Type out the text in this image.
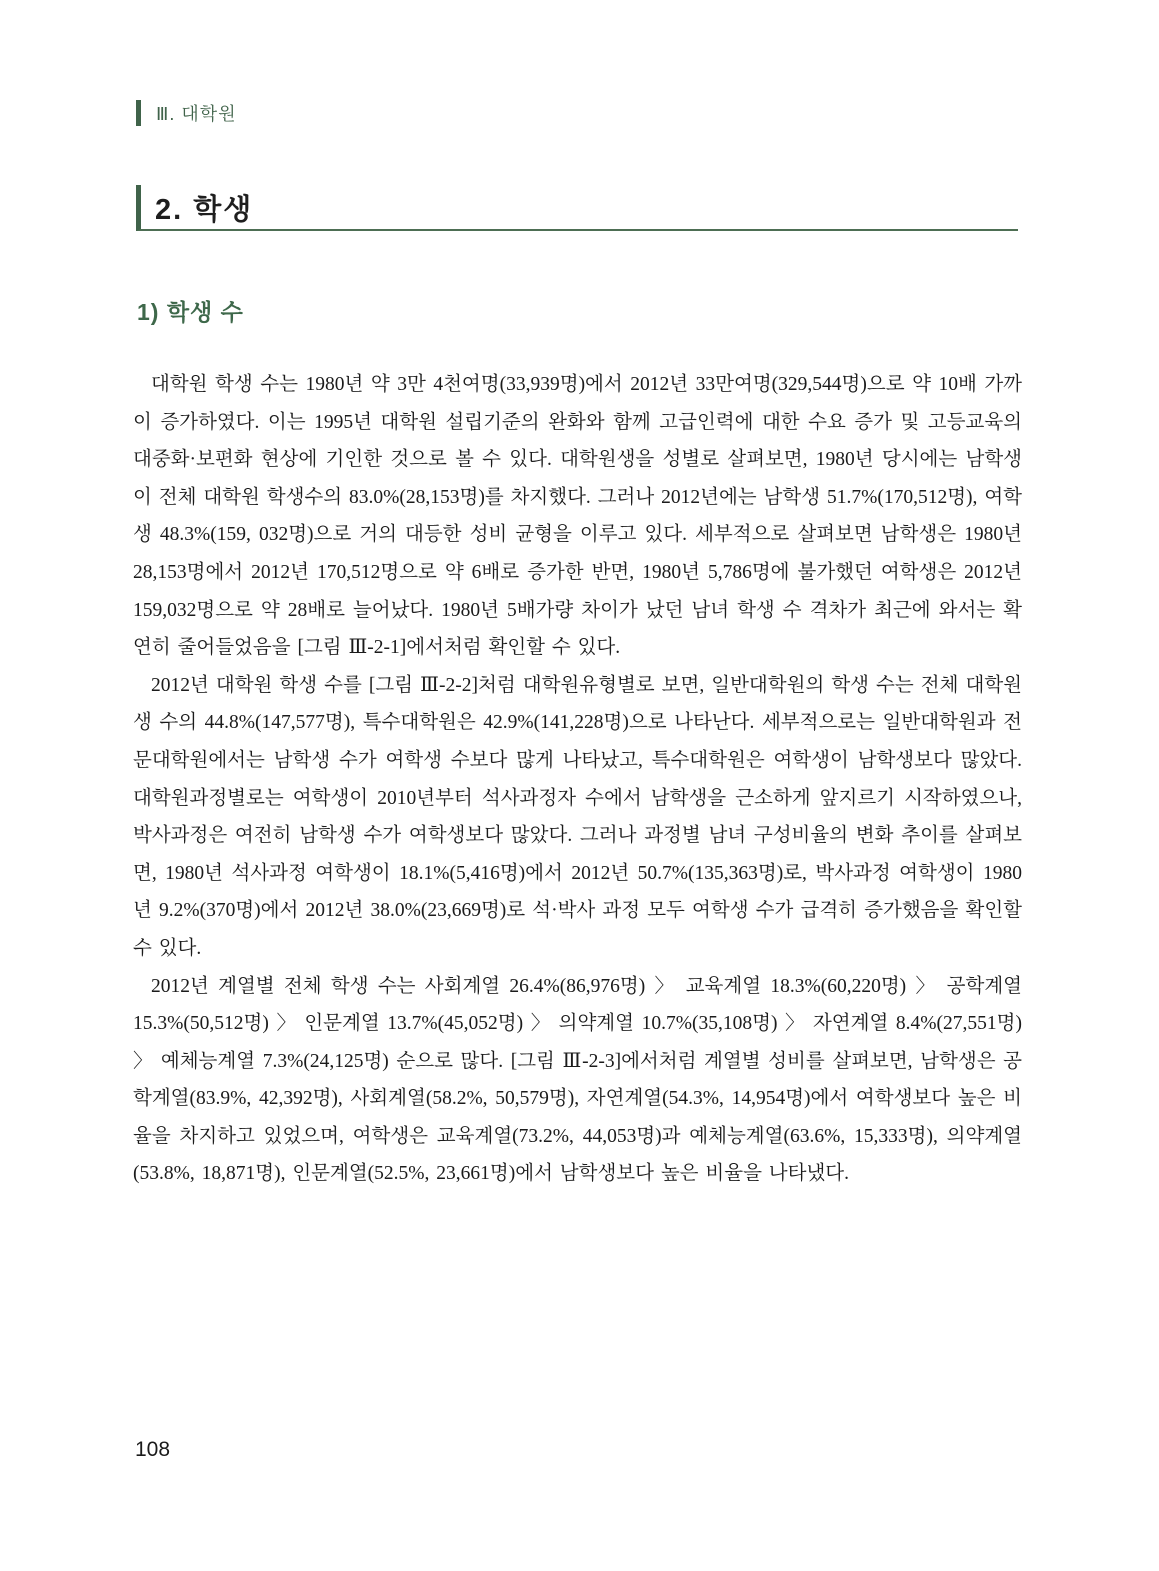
Ⅲ. 대학원
2. 학생
1) 학생 수

대학원 학생 수는 1980년 약 3만 4천여명(33,939명)에서 2012년 33만여명(329,544명)으로 약 10배 가까이 증가하였다. 이는 1995년 대학원 설립기준의 완화와 함께 고급인력에 대한 수요 증가 및 고등교육의 대중화·보편화 현상에 기인한 것으로 볼 수 있다. 대학원생을 성별로 살펴보면, 1980년 당시에는 남학생이 전체 대학원 학생수의 83.0%(28,153명)를 차지했다. 그러나 2012년에는 남학생 51.7%(170,512명), 여학생 48.3%(159, 032명)으로 거의 대등한 성비 균형을 이루고 있다. 세부적으로 살펴보면 남학생은 1980년 28,153명에서 2012년 170,512명으로 약 6배로 증가한 반면, 1980년 5,786명에 불가했던 여학생은 2012년 159,032명으로 약 28배로 늘어났다. 1980년 5배가량 차이가 났던 남녀 학생 수 격차가 최근에 와서는 확연히 줄어들었음을 [그림 Ⅲ-2-1]에서처럼 확인할 수 있다.

2012년 대학원 학생 수를 [그림 Ⅲ-2-2]처럼 대학원유형별로 보면, 일반대학원의 학생 수는 전체 대학원생 수의 44.8%(147,577명), 특수대학원은 42.9%(141,228명)으로 나타난다. 세부적으로는 일반대학원과 전문대학원에서는 남학생 수가 여학생 수보다 많게 나타났고, 특수대학원은 여학생이 남학생보다 많았다. 대학원과정별로는 여학생이 2010년부터 석사과정자 수에서 남학생을 근소하게 앞지르기 시작하였으나, 박사과정은 여전히 남학생 수가 여학생보다 많았다. 그러나 과정별 남녀 구성비율의 변화 추이를 살펴보면, 1980년 석사과정 여학생이 18.1%(5,416명)에서 2012년 50.7%(135,363명)로, 박사과정 여학생이 1980년 9.2%(370명)에서 2012년 38.0%(23,669명)로 석·박사 과정 모두 여학생 수가 급격히 증가했음을 확인할 수 있다.

2012년 계열별 전체 학생 수는 사회계열 26.4%(86,976명) 〉 교육계열 18.3%(60,220명) 〉 공학계열 15.3%(50,512명) 〉 인문계열 13.7%(45,052명) 〉 의약계열 10.7%(35,108명) 〉 자연계열 8.4%(27,551명) 〉 예체능계열 7.3%(24,125명) 순으로 많다. [그림 Ⅲ-2-3]에서처럼 계열별 성비를 살펴보면, 남학생은 공학계열(83.9%, 42,392명), 사회계열(58.2%, 50,579명), 자연계열(54.3%, 14,954명)에서 여학생보다 높은 비율을 차지하고 있었으며, 여학생은 교육계열(73.2%, 44,053명)과 예체능계열(63.6%, 15,333명), 의약계열(53.8%, 18,871명), 인문계열(52.5%, 23,661명)에서 남학생보다 높은 비율을 나타냈다.

108
